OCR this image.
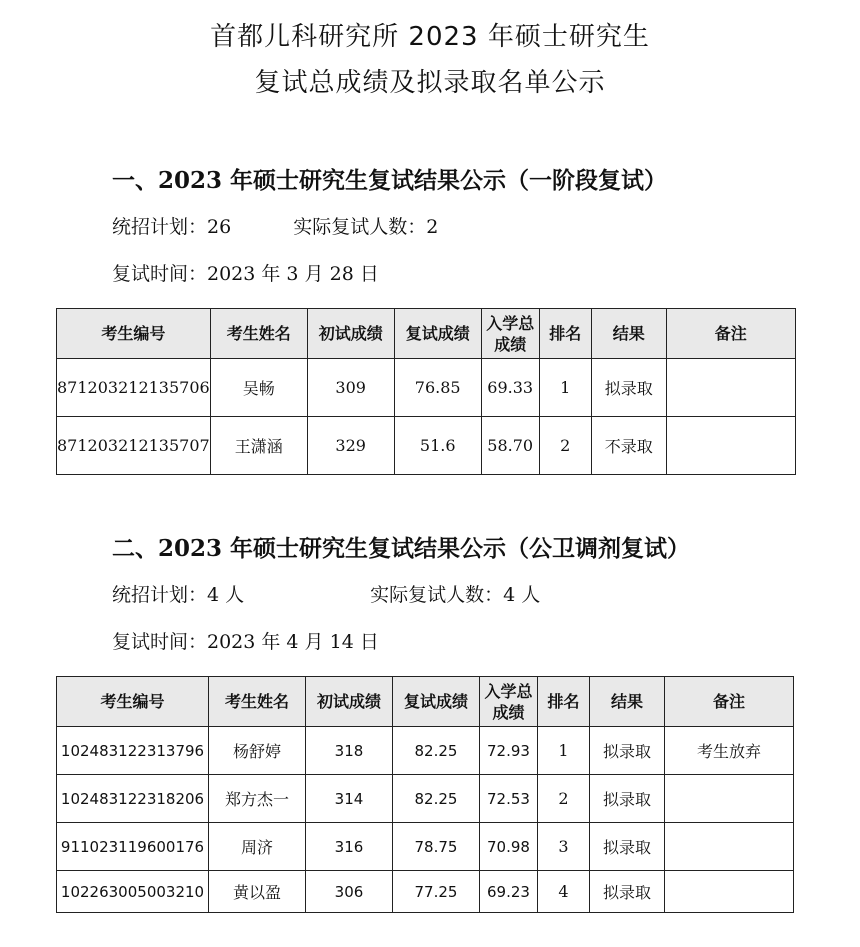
首都儿科研究所 2023 年硕士研究生
复试总成绩及拟录取名单公示
一、2023 年硕士研究生复试结果公示（一阶段复试）
统招计划：26	实际复试人数：2
复试时间：2023 年 3 月 28 日
考生编号	考生姓名	初试成绩	复试成绩	入学总成绩	排名	结果	备注
871203212135706	吴畅	309	76.85	69.33	1	拟录取	
871203212135707	王潇涵	329	51.6	58.70	2	不录取	
二、2023 年硕士研究生复试结果公示（公卫调剂复试）
统招计划：4 人	实际复试人数：4 人
复试时间：2023 年 4 月 14 日
考生编号	考生姓名	初试成绩	复试成绩	入学总成绩	排名	结果	备注
102483122313796	杨舒婷	318	82.25	72.93	1	拟录取	考生放弃
102483122318206	郑方杰一	314	82.25	72.53	2	拟录取	
911023119600176	周济	316	78.75	70.98	3	拟录取	
102263005003210	黄以盈	306	77.25	69.23	4	拟录取	
